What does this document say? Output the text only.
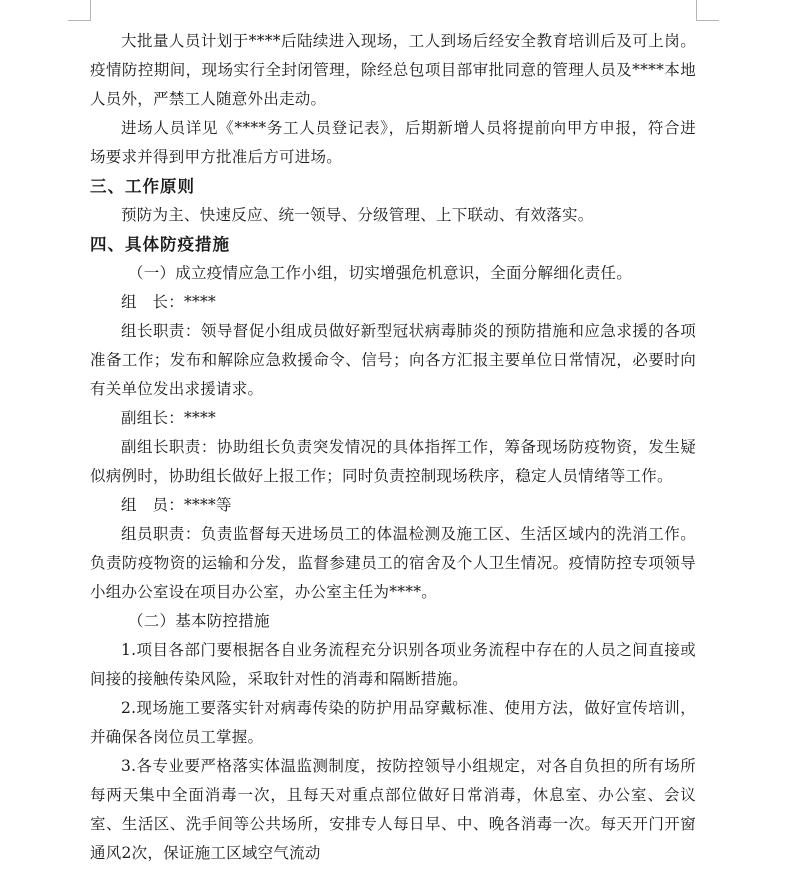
大批量人员计划于****后陆续进入现场，工人到场后经安全教育培训后及可上岗。疫情防控期间，现场实行全封闭管理，除经总包项目部审批同意的管理人员及****本地人员外，严禁工人随意外出走动。

进场人员详见《****务工人员登记表》，后期新增人员将提前向甲方申报，符合进场要求并得到甲方批准后方可进场。

三、工作原则

预防为主、快速反应、统一领导、分级管理、上下联动、有效落实。

四、具体防疫措施

（一）成立疫情应急工作小组，切实增强危机意识，全面分解细化责任。

组　长：****

组长职责：领导督促小组成员做好新型冠状病毒肺炎的预防措施和应急求援的各项准备工作；发布和解除应急救援命令、信号；向各方汇报主要单位日常情况，必要时向有关单位发出求援请求。

副组长：****

副组长职责：协助组长负责突发情况的具体指挥工作，筹备现场防疫物资，发生疑似病例时，协助组长做好上报工作；同时负责控制现场秩序，稳定人员情绪等工作。

组　员：****等

组员职责：负责监督每天进场员工的体温检测及施工区、生活区域内的洗消工作。负责防疫物资的运输和分发，监督参建员工的宿舍及个人卫生情况。疫情防控专项领导小组办公室设在项目办公室，办公室主任为****。

（二）基本防控措施

1.项目各部门要根据各自业务流程充分识别各项业务流程中存在的人员之间直接或间接的接触传染风险，采取针对性的消毒和隔断措施。

2.现场施工要落实针对病毒传染的防护用品穿戴标准、使用方法，做好宣传培训，并确保各岗位员工掌握。

3.各专业要严格落实体温监测制度，按防控领导小组规定，对各自负担的所有场所每两天集中全面消毒一次，且每天对重点部位做好日常消毒，休息室、办公室、会议室、生活区、洗手间等公共场所，安排专人每日早、中、晚各消毒一次。每天开门开窗通风2次，保证施工区域空气流动
